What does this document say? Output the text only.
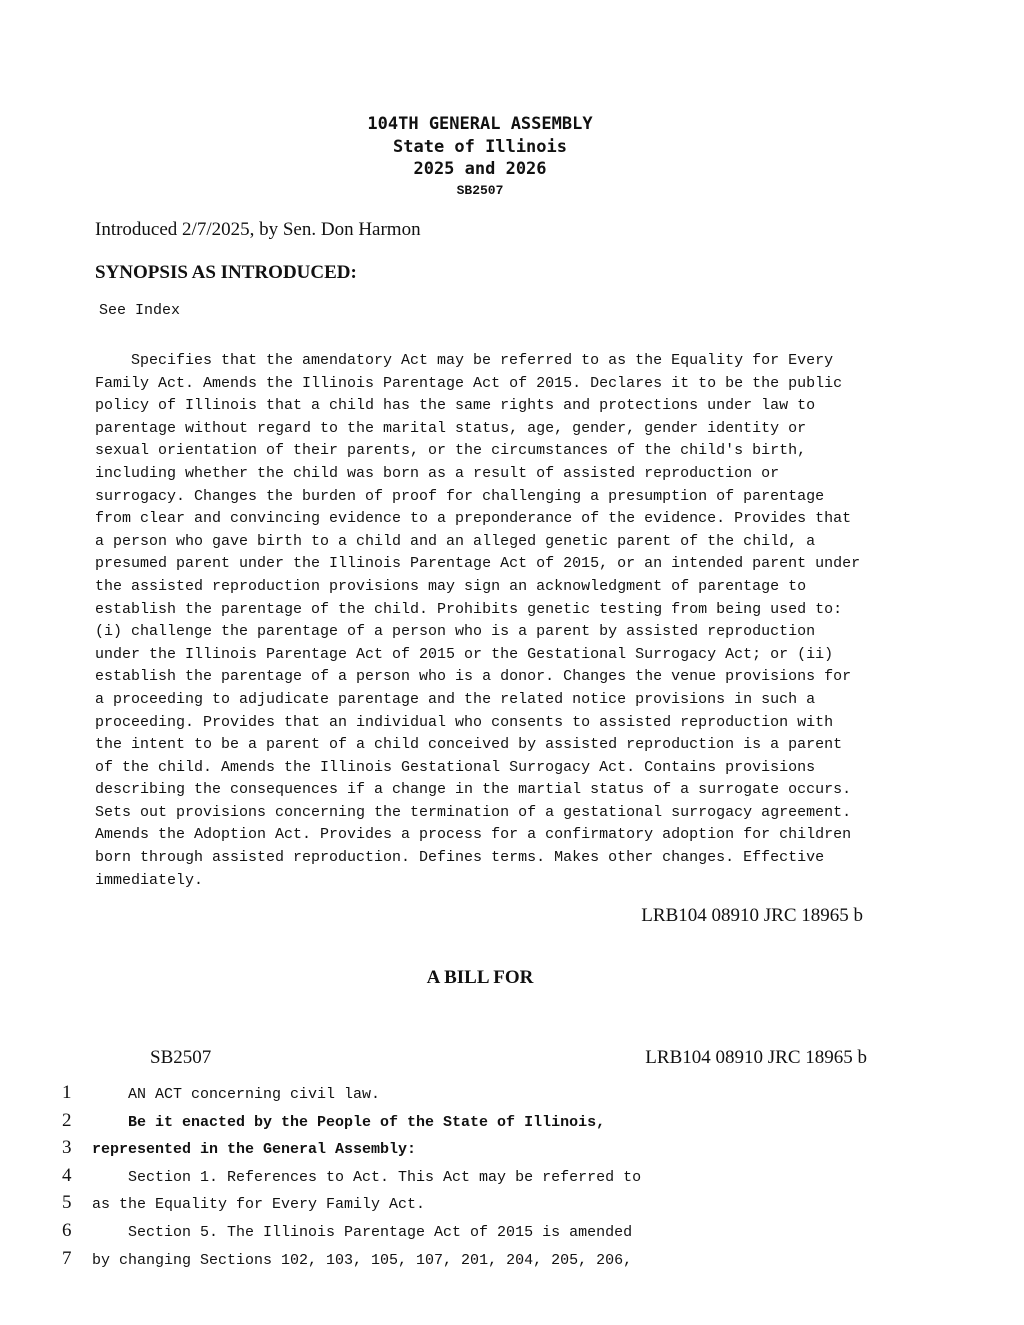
104TH GENERAL ASSEMBLY
State of Illinois
2025 and 2026
SB2507
Introduced 2/7/2025, by Sen. Don Harmon
SYNOPSIS AS INTRODUCED:
See Index

Specifies that the amendatory Act may be referred to as the Equality for Every Family Act. Amends the Illinois Parentage Act of 2015. Declares it to be the public policy of Illinois that a child has the same rights and protections under law to parentage without regard to the marital status, age, gender, gender identity or sexual orientation of their parents, or the circumstances of the child's birth, including whether the child was born as a result of assisted reproduction or surrogacy. Changes the burden of proof for challenging a presumption of parentage from clear and convincing evidence to a preponderance of the evidence. Provides that a person who gave birth to a child and an alleged genetic parent of the child, a presumed parent under the Illinois Parentage Act of 2015, or an intended parent under the assisted reproduction provisions may sign an acknowledgment of parentage to establish the parentage of the child. Prohibits genetic testing from being used to: (i) challenge the parentage of a person who is a parent by assisted reproduction under the Illinois Parentage Act of 2015 or the Gestational Surrogacy Act; or (ii) establish the parentage of a person who is a donor. Changes the venue provisions for a proceeding to adjudicate parentage and the related notice provisions in such a proceeding. Provides that an individual who consents to assisted reproduction with the intent to be a parent of a child conceived by assisted reproduction is a parent of the child. Amends the Illinois Gestational Surrogacy Act. Contains provisions describing the consequences if a change in the martial status of a surrogate occurs. Sets out provisions concerning the termination of a gestational surrogacy agreement. Amends the Adoption Act. Provides a process for a confirmatory adoption for children born through assisted reproduction. Defines terms. Makes other changes. Effective immediately.

LRB104 08910 JRC 18965 b
A BILL FOR
SB2507	LRB104 08910 JRC 18965 b
1	AN ACT concerning civil law.
2	Be it enacted by the People of the State of Illinois,
3 represented in the General Assembly:
4	Section 1. References to Act. This Act may be referred to
5 as the Equality for Every Family Act.
6	Section 5. The Illinois Parentage Act of 2015 is amended
7 by changing Sections 102, 103, 105, 107, 201, 204, 205, 206,
